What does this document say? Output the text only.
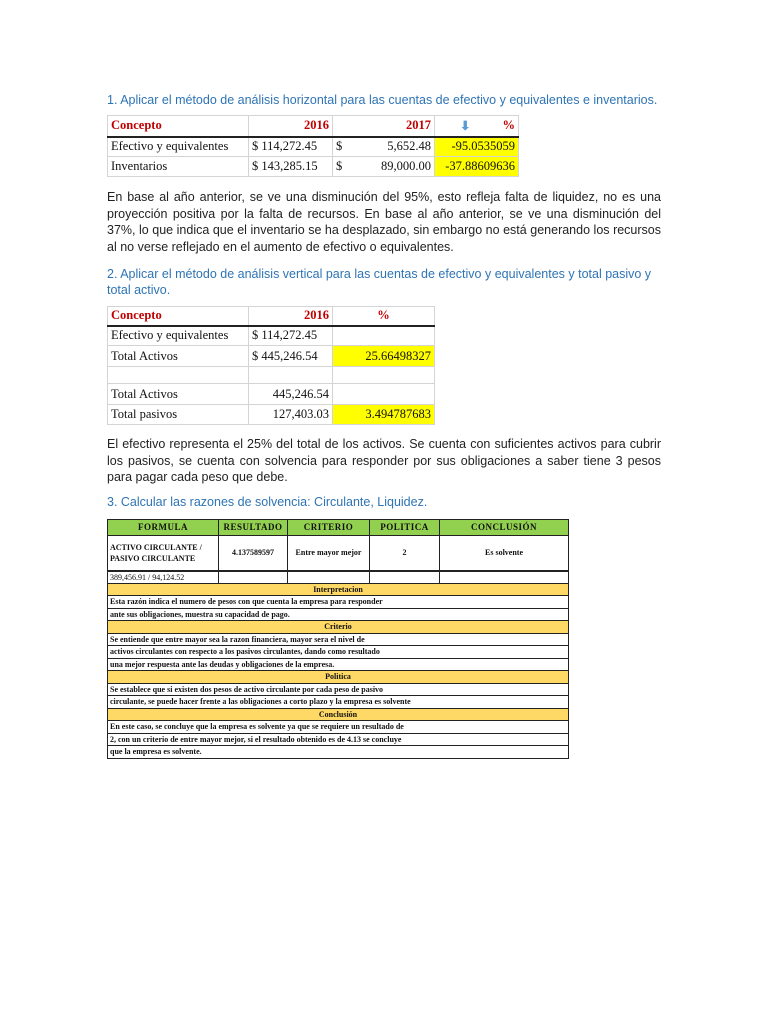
1. Aplicar el método de análisis horizontal para las cuentas de efectivo y equivalentes e inventarios.
Concepto	2016	2017		⬇ %
Efectivo y equivalentes	$ 114,272.45	$	5,652.48	-95.0535059
Inventarios	$ 143,285.15	$	89,000.00	-37.88609636
En base al año anterior, se ve una disminución del 95%, esto refleja falta de liquidez, no es una proyección positiva por la falta de recursos. En base al año anterior, se ve una disminución del 37%, lo que indica que el inventario se ha desplazado, sin embargo no está generando los recursos al no verse reflejado en el aumento de efectivo o equivalentes.
2. Aplicar el método de análisis vertical para las cuentas de efectivo y equivalentes y total pasivo y total activo.
Concepto	2016	%
Efectivo y equivalentes	$ 114,272.45	
Total Activos	$ 445,246.54	25.66498327

Total Activos	445,246.54	
Total pasivos	127,403.03	3.494787683
El efectivo representa el 25% del total de los activos. Se cuenta con suficientes activos para cubrir los pasivos, se cuenta con solvencia para responder por sus obligaciones a saber tiene 3 pesos para pagar cada peso que debe.
3. Calcular las razones de solvencia: Circulante, Liquidez.
FORMULA	RESULTADO	CRITERIO	POLITICA	CONCLUSIÓN
ACTIVO CIRCULANTE / PASIVO CIRCULANTE	4.137589597	Entre mayor mejor	2	Es solvente
389,456.91 / 94,124.52				
Interpretacion				
Esta razón indica el numero de pesos con que cuenta la empresa para responder				
ante sus obligaciones, muestra su capacidad de pago.				
Criterio				
Se entiende que entre mayor sea la razon financiera, mayor sera el nivel de				
activos circulantes con respecto a los pasivos circulantes, dando como resultado				
una mejor respuesta ante las deudas y obligaciones de la empresa.				
Politica				
Se establece que si existen dos pesos de activo circulante por cada peso de pasivo				
circulante, se puede hacer frente a las obligaciones a corto plazo y la empresa es solvente				
Conclusión				
En este caso, se concluye que la empresa es solvente ya que se requiere un resultado de				
2, con un criterio de entre mayor mejor, si el resultado obtenido es de 4.13 se concluye				
que la empresa es solvente.				
